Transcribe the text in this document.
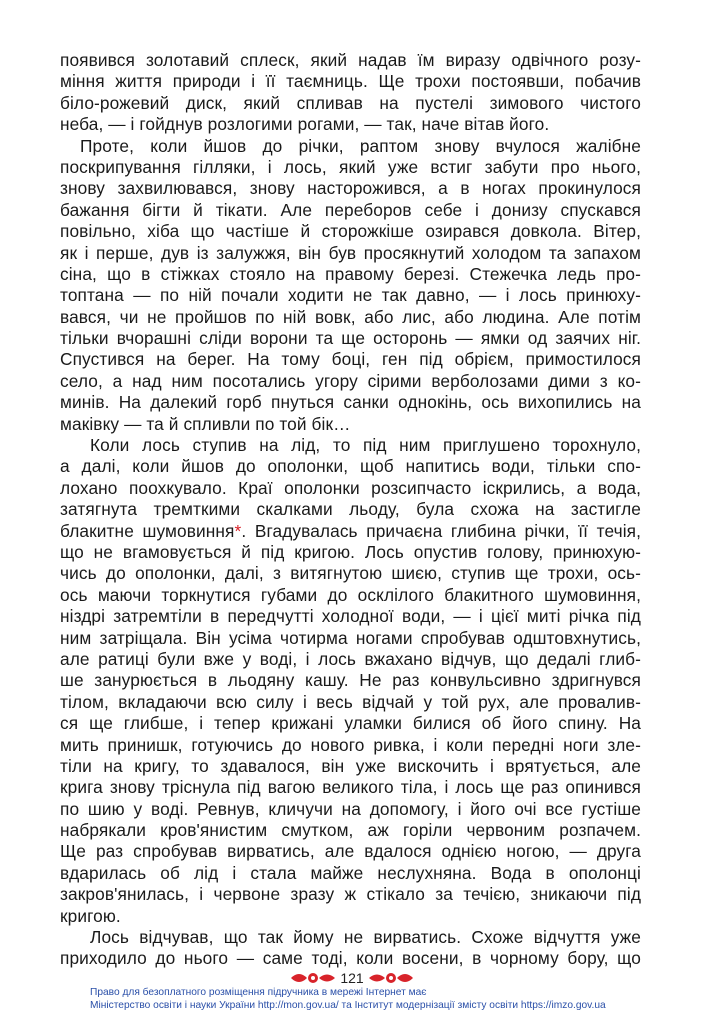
появився золотавий сплеск, який надав їм виразу одвічного розу-
міння життя природи і її таємниць. Ще трохи постоявши, побачив
біло-рожевий диск, який спливав на пустелі зимового чистого
неба, — і гойднув розлогими рогами, — так, наче вітав його.
Проте, коли йшов до річки, раптом знову вчулося жалібне
поскрипування гілляки, і лось, який уже встиг забути про нього,
знову захвилювався, знову насторожився, а в ногах прокинулося
бажання бігти й тікати. Але переборов себе і донизу спускався
повільно, хіба що частіше й сторожкіше озирався довкола. Вітер,
як і перше, дув із залужжя, він був просякнутий холодом та запахом
сіна, що в стіжках стояло на правому березі. Стежечка ледь про-
топтана — по ній почали ходити не так давно, — і лось принюху-
вався, чи не пройшов по ній вовк, або лис, або людина. Але потім
тільки вчорашні сліди ворони та ще осторонь — ямки од заячих ніг.
Спустився на берег. На тому боці, ген під обрієм, примостилося
село, а над ним посотались угору сірими верболозами дими з ко-
минів. На далекий горб пнуться санки однокінь, ось вихопились на
маківку — та й спливли по той бік…
Коли лось ступив на лід, то під ним приглушено торохнуло,
а далі, коли йшов до ополонки, щоб напитись води, тільки спо-
лохано поохкувало. Краї ополонки розсипчасто іскрились, а вода,
затягнута тремткими скалками льоду, була схожа на застигле
блакитне шумовиння*. Вгадувалась причаєна глибина річки, її течія,
що не вгамовується й під кригою. Лось опустив голову, принюхую-
чись до ополонки, далі, з витягнутою шиєю, ступив ще трохи, ось-
ось маючи торкнутися губами до осклілого блакитного шумовиння,
ніздрі затремтіли в передчутті холодної води, — і цієї миті річка під
ним затріщала. Він усіма чотирма ногами спробував одштовхнутись,
але ратиці були вже у воді, і лось вжахано відчув, що дедалі глиб-
ше занурюється в льодяну кашу. Не раз конвульсивно здригнувся
тілом, вкладаючи всю силу і весь відчай у той рух, але провалив-
ся ще глибше, і тепер крижані уламки билися об його спину. На
мить принишк, готуючись до нового ривка, і коли передні ноги зле-
тіли на кригу, то здавалося, він уже вискочить і врятується, але
крига знову тріснула під вагою великого тіла, і лось ще раз опинився
по шию у воді. Ревнув, кличучи на допомогу, і його очі все густіше
набрякали кров'янистим смутком, аж горіли червоним розпачем.
Ще раз спробував вирватись, але вдалося однією ногою, — друга
вдарилась об лід і стала майже неслухняна. Вода в ополонці
закров'янилась, і червоне зразу ж стікало за течією, зникаючи під
кригою.
Лось відчував, що так йому не вирватись. Схоже відчуття уже
приходило до нього — саме тоді, коли восени, в чорному бору, що
121
Право для безоплатного розміщення підручника в мережі Інтернет має
Міністерство освіти і науки України http://mon.gov.ua/ та Інститут модернізації змісту освіти https://imzo.gov.ua
